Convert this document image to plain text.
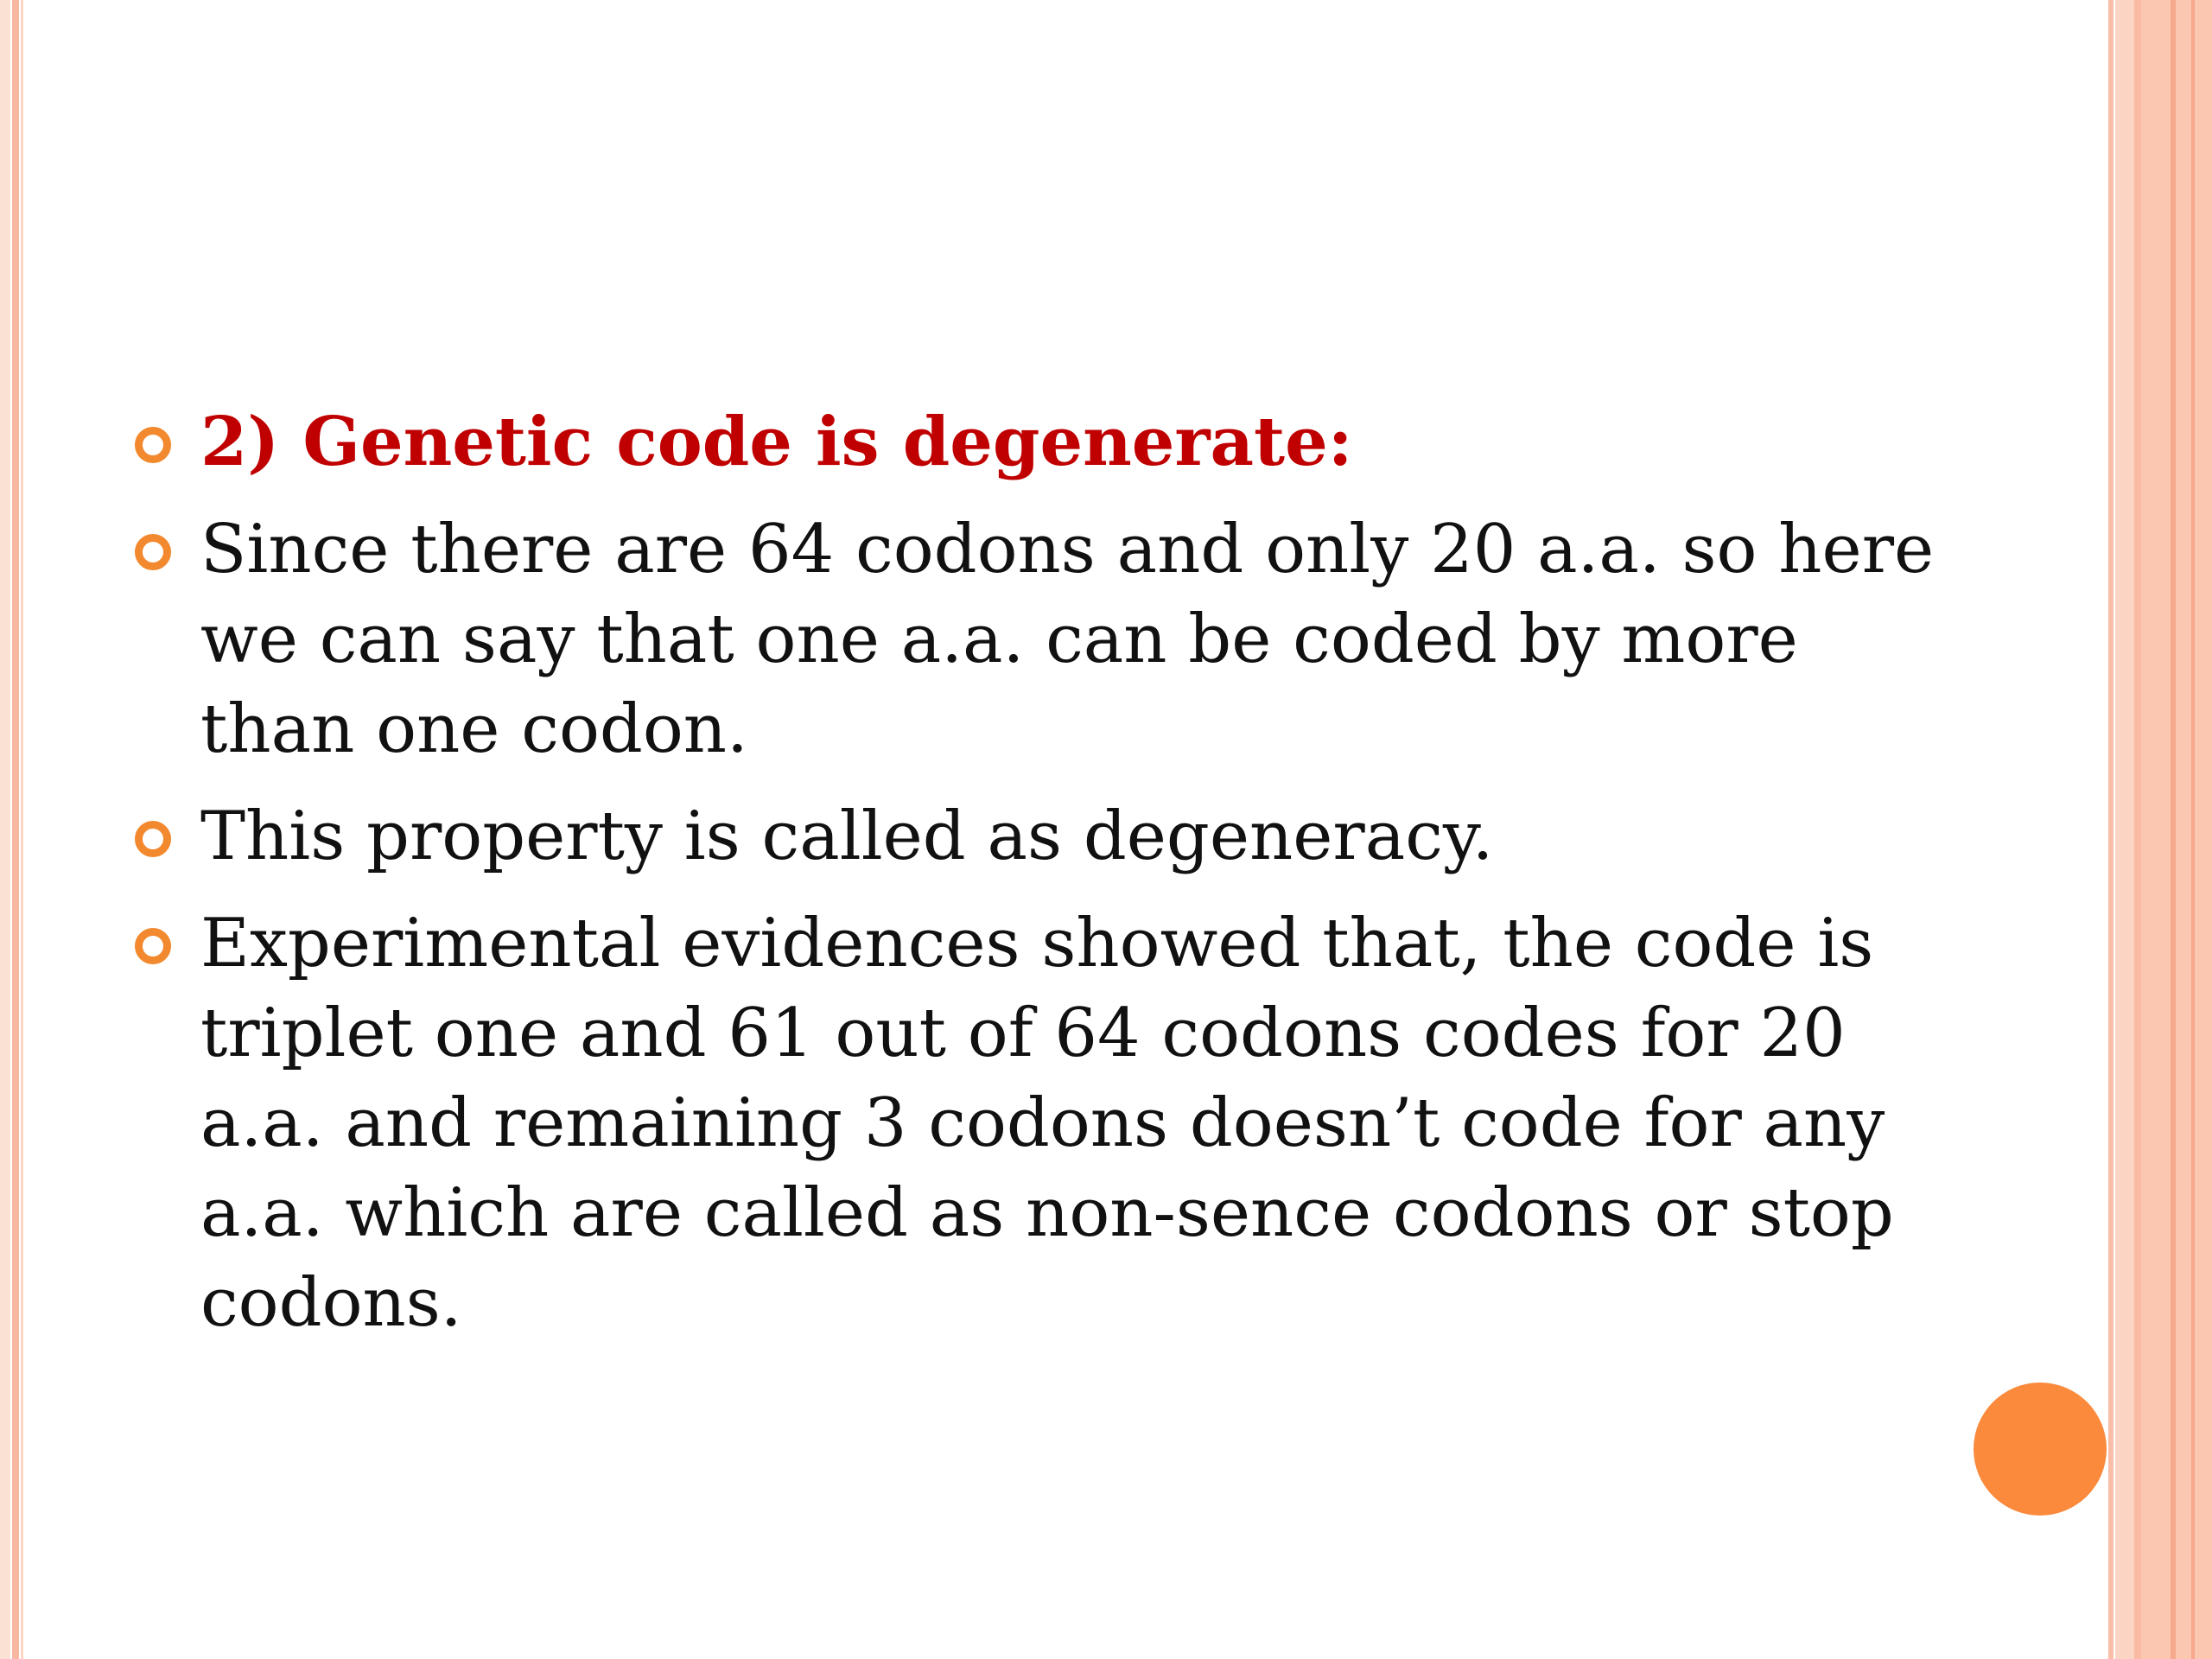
2) Genetic code is degenerate:
Since there are 64 codons and only 20 a.a. so here we can say that one a.a. can be coded by more than one codon.
This property is called as degeneracy.
Experimental evidences showed that, the code is triplet one and 61 out of 64 codons codes for 20 a.a. and remaining 3 codons doesn’t code for any a.a. which are called as non-sence codons or stop codons.
